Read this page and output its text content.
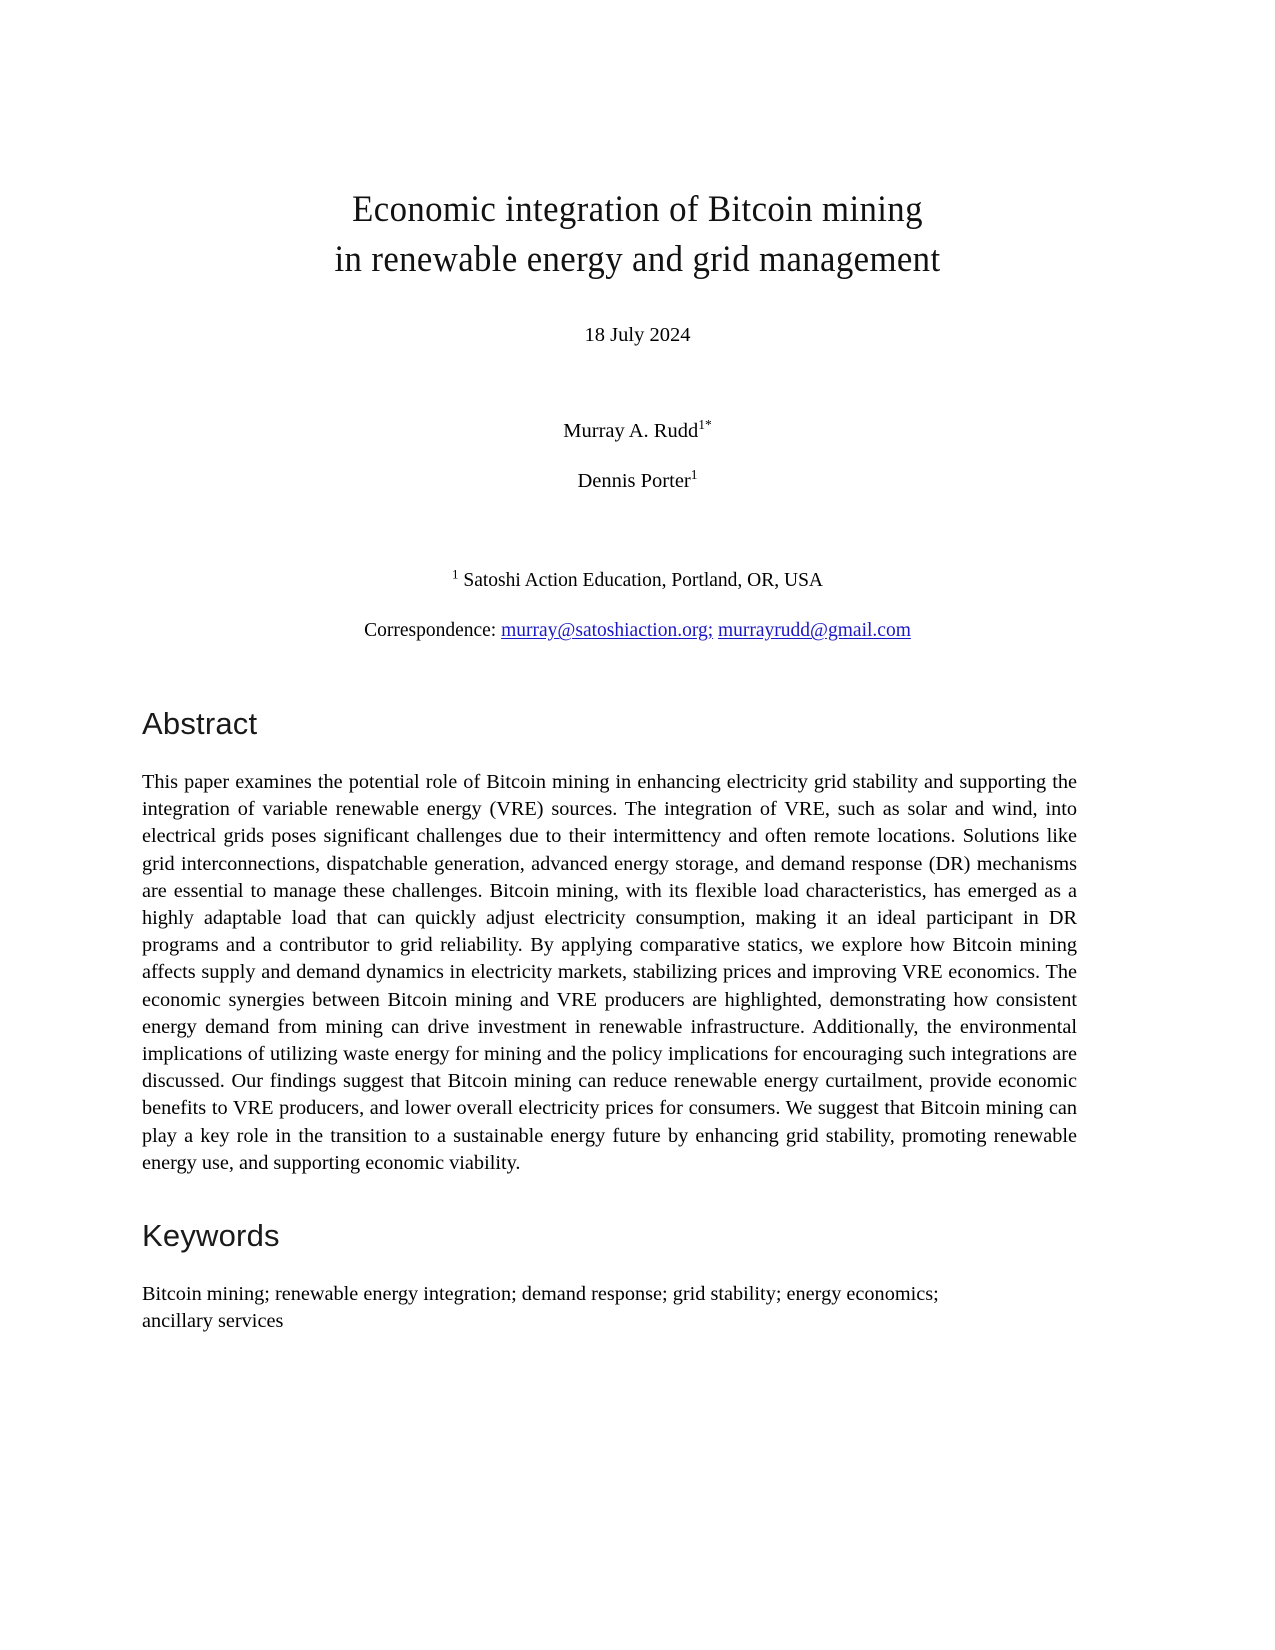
Economic integration of Bitcoin mining
in renewable energy and grid management
18 July 2024
Murray A. Rudd$^{1*}$
Dennis Porter$^1$
$^1$ Satoshi Action Education, Portland, OR, USA
Correspondence: murray@satoshiaction.org; murrayrudd@gmail.com
Abstract

This paper examines the potential role of Bitcoin mining in enhancing electricity grid stability and supporting the integration of variable renewable energy (VRE) sources. The integration of VRE, such as solar and wind, into electrical grids poses significant challenges due to their intermittency and often remote locations. Solutions like grid interconnections, dispatchable generation, advanced energy storage, and demand response (DR) mechanisms are essential to manage these challenges. Bitcoin mining, with its flexible load characteristics, has emerged as a highly adaptable load that can quickly adjust electricity consumption, making it an ideal participant in DR programs and a contributor to grid reliability. By applying comparative statics, we explore how Bitcoin mining affects supply and demand dynamics in electricity markets, stabilizing prices and improving VRE economics. The economic synergies between Bitcoin mining and VRE producers are highlighted, demonstrating how consistent energy demand from mining can drive investment in renewable infrastructure. Additionally, the environmental implications of utilizing waste energy for mining and the policy implications for encouraging such integrations are discussed. Our findings suggest that Bitcoin mining can reduce renewable energy curtailment, provide economic benefits to VRE producers, and lower overall electricity prices for consumers. We suggest that Bitcoin mining can play a key role in the transition to a sustainable energy future by enhancing grid stability, promoting renewable energy use, and supporting economic viability.

Keywords

Bitcoin mining; renewable energy integration; demand response; grid stability; energy economics; ancillary services
